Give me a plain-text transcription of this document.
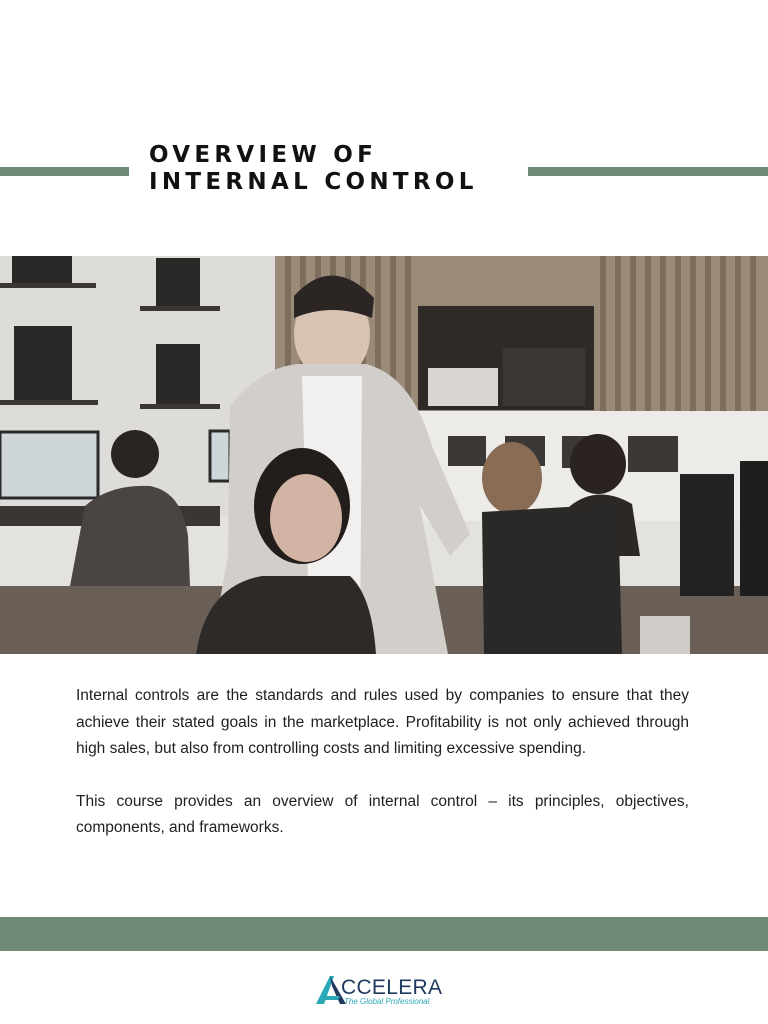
OVERVIEW OF
INTERNAL CONTROL

Internal controls are the standards and rules used by companies to ensure that they achieve their stated goals in the marketplace. Profitability is not only achieved through high sales, but also from controlling costs and limiting excessive spending.

This course provides an overview of internal control – its principles, objectives, components, and frameworks.

CCELERA
The Global Professional
